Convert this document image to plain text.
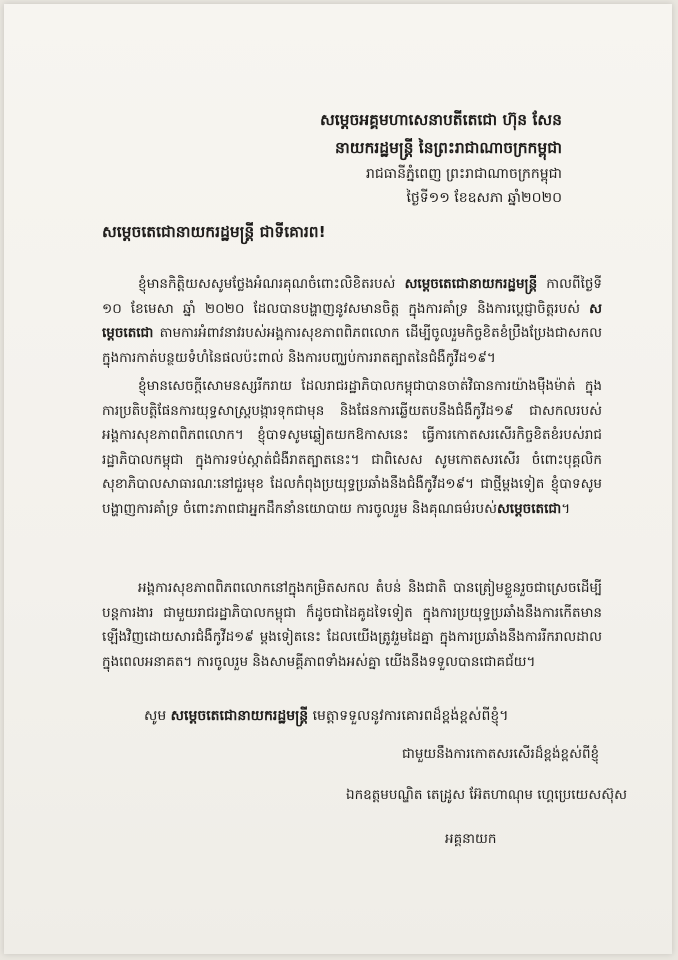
សម្តេចអគ្គមហាសេនាបតីតេជោ ហ៊ុន សែន
នាយករដ្ឋមន្ត្រី នៃព្រះរាជាណាចក្រកម្ពុជា
រាជធានីភ្នំពេញ ព្រះរាជាណាចក្រកម្ពុជា
ថ្ងៃទី១១ ខែឧសភា ឆ្នាំ២០២០
សម្តេចតេជោនាយករដ្ឋមន្ត្រី ជាទីគោរព!
ខ្ញុំមានកិត្តិយសសូមថ្លែងអំណរគុណចំពោះលិខិតរបស់ សម្តេចតេជោនាយករដ្ឋមន្ត្រី កាលពីថ្ងៃទី ១០ ខែមេសា ឆ្នាំ ២០២០ ដែលបានបង្ហាញនូវសមានចិត្ត ក្នុងការគាំទ្រ និងការប្តេជ្ញាចិត្តរបស់ សម្តេចតេជោ តាមការអំពាវនាវរបស់អង្គការសុខភាពពិភពលោក ដើម្បីចូលរួមកិច្ចខិតខំប្រឹងប្រែងជាសកលក្នុងការកាត់បន្ថយទំហំនៃផលប៉ះពាល់ និងការបញ្ឈប់ការរាតត្បាតនៃជំងឺកូវីដ១៩។
ខ្ញុំមានសេចក្តីសោមនស្សរីករាយ ដែលរាជរដ្ឋាភិបាលកម្ពុជាបានចាត់វិធានការយ៉ាងម៉ឺងម៉ាត់ ក្នុងការប្រតិបត្តិផែនការយុទ្ធសាស្ត្របង្ការទុកជាមុន និងផែនការឆ្លើយតបនឹងជំងឺកូវីដ១៩ ជាសកលរបស់អង្គការសុខភាពពិភពលោក។ ខ្ញុំបាទសូមឆ្លៀតយកឱកាសនេះ ធ្វើការកោតសរសើរកិច្ចខិតខំរបស់រាជរដ្ឋាភិបាលកម្ពុជា ក្នុងការទប់ស្កាត់ជំងឺរាតត្បាតនេះ។ ជាពិសេស សូមកោតសរសើរ ចំពោះបុគ្គលិកសុខាភិបាលសាធារណៈនៅជួរមុខ ដែលកំពុងប្រយុទ្ធប្រឆាំងនឹងជំងឺកូវីដ១៩។ ជាថ្មីម្តងទៀត ខ្ញុំបាទសូមបង្ហាញការគាំទ្រ ចំពោះភាពជាអ្នកដឹកនាំនយោបាយ ការចូលរួម និងគុណធម៌របស់សម្តេចតេជោ។
អង្គការសុខភាពពិភពលោកនៅក្នុងកម្រិតសកល តំបន់ និងជាតិ បានត្រៀមខ្លួនរួចជាស្រេចដើម្បីបន្តការងារ ជាមួយរាជរដ្ឋាភិបាលកម្ពុជា ក៏ដូចជាដៃគូដទៃទៀត ក្នុងការប្រយុទ្ធប្រឆាំងនឹងការកើតមានឡើងវិញដោយសារជំងឺកូវីដ១៩ ម្តងទៀតនេះ ដែលយើងត្រូវរួមដៃគ្នា ក្នុងការប្រឆាំងនឹងការរីករាលដាលក្នុងពេលអនាគត។ ការចូលរួម និងសាមគ្គីភាពទាំងអស់គ្នា យើងនឹងទទួលបានជោគជ័យ។
សូម សម្តេចតេជោនាយករដ្ឋមន្ត្រី មេត្តាទទួលនូវការគោរពដ៏ខ្ពង់ខ្ពស់ពីខ្ញុំ។
ជាមួយនឹងការកោតសរសើរដ៏ខ្ពង់ខ្ពស់ពីខ្ញុំ
ឯកឧត្តមបណ្ឌិត តេដ្រូស អ៊ែតហាណុម ហ្គេប្រេយេសស៊ុស
អគ្គនាយក
